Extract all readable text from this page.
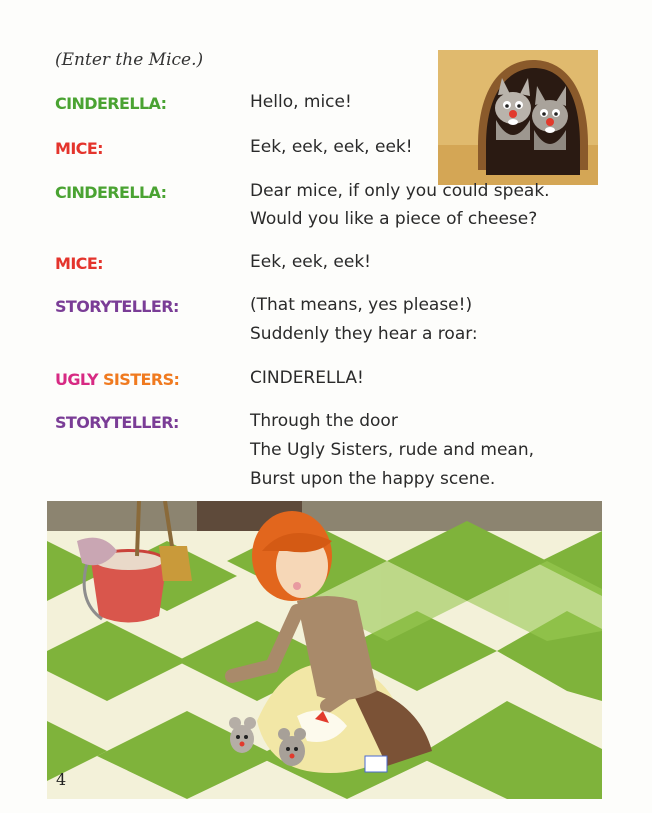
(Enter the Mice.)
CINDERELLA:	Hello, mice!
MICE:	Eek, eek, eek, eek!
CINDERELLA:	Dear mice, if only you could speak.
Would you like a piece of cheese?
MICE:	Eek, eek, eek!
STORYTELLER:	(That means, yes please!)
Suddenly they hear a roar:
UGLY SISTERS:	CINDERELLA!
STORYTELLER:	Through the door
The Ugly Sisters, rude and mean,
Burst upon the happy scene.
4
